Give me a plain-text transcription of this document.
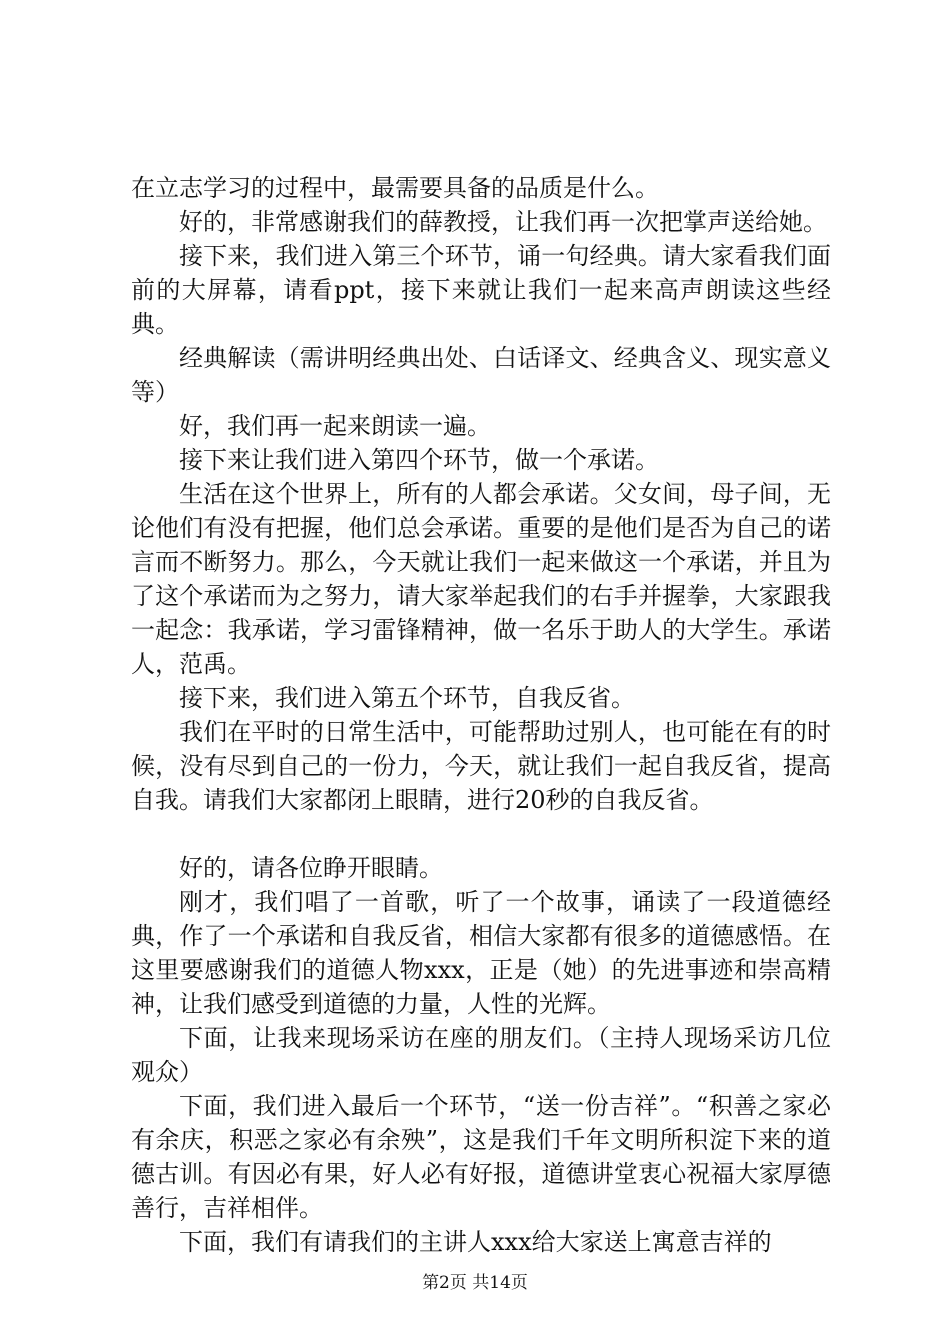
在立志学习的过程中，最需要具备的品质是什么。

好的，非常感谢我们的薛教授，让我们再一次把掌声送给她。

接下来，我们进入第三个环节，诵一句经典。请大家看我们面前的大屏幕，请看ppt，接下来就让我们一起来高声朗读这些经典。

经典解读（需讲明经典出处、白话译文、经典含义、现实意义等）

好，我们再一起来朗读一遍。

接下来让我们进入第四个环节，做一个承诺。

生活在这个世界上，所有的人都会承诺。父女间，母子间，无论他们有没有把握，他们总会承诺。重要的是他们是否为自己的诺言而不断努力。那么，今天就让我们一起来做这一个承诺，并且为了这个承诺而为之努力，请大家举起我们的右手并握拳，大家跟我一起念：我承诺，学习雷锋精神，做一名乐于助人的大学生。承诺人，范禹。

接下来，我们进入第五个环节，自我反省。

我们在平时的日常生活中，可能帮助过别人，也可能在有的时候，没有尽到自己的一份力，今天，就让我们一起自我反省，提高自我。请我们大家都闭上眼睛，进行20秒的自我反省。

好的，请各位睁开眼睛。

刚才，我们唱了一首歌，听了一个故事，诵读了一段道德经典，作了一个承诺和自我反省，相信大家都有很多的道德感悟。在这里要感谢我们的道德人物xxx，正是（她）的先进事迹和崇高精神，让我们感受到道德的力量，人性的光辉。

下面，让我来现场采访在座的朋友们。（主持人现场采访几位观众）

下面，我们进入最后一个环节，“送一份吉祥”。“积善之家必有余庆，积恶之家必有余殃”，这是我们千年文明所积淀下来的道德古训。有因必有果，好人必有好报，道德讲堂衷心祝福大家厚德善行，吉祥相伴。

下面，我们有请我们的主讲人xxx给大家送上寓意吉祥的

第2页 共14页
